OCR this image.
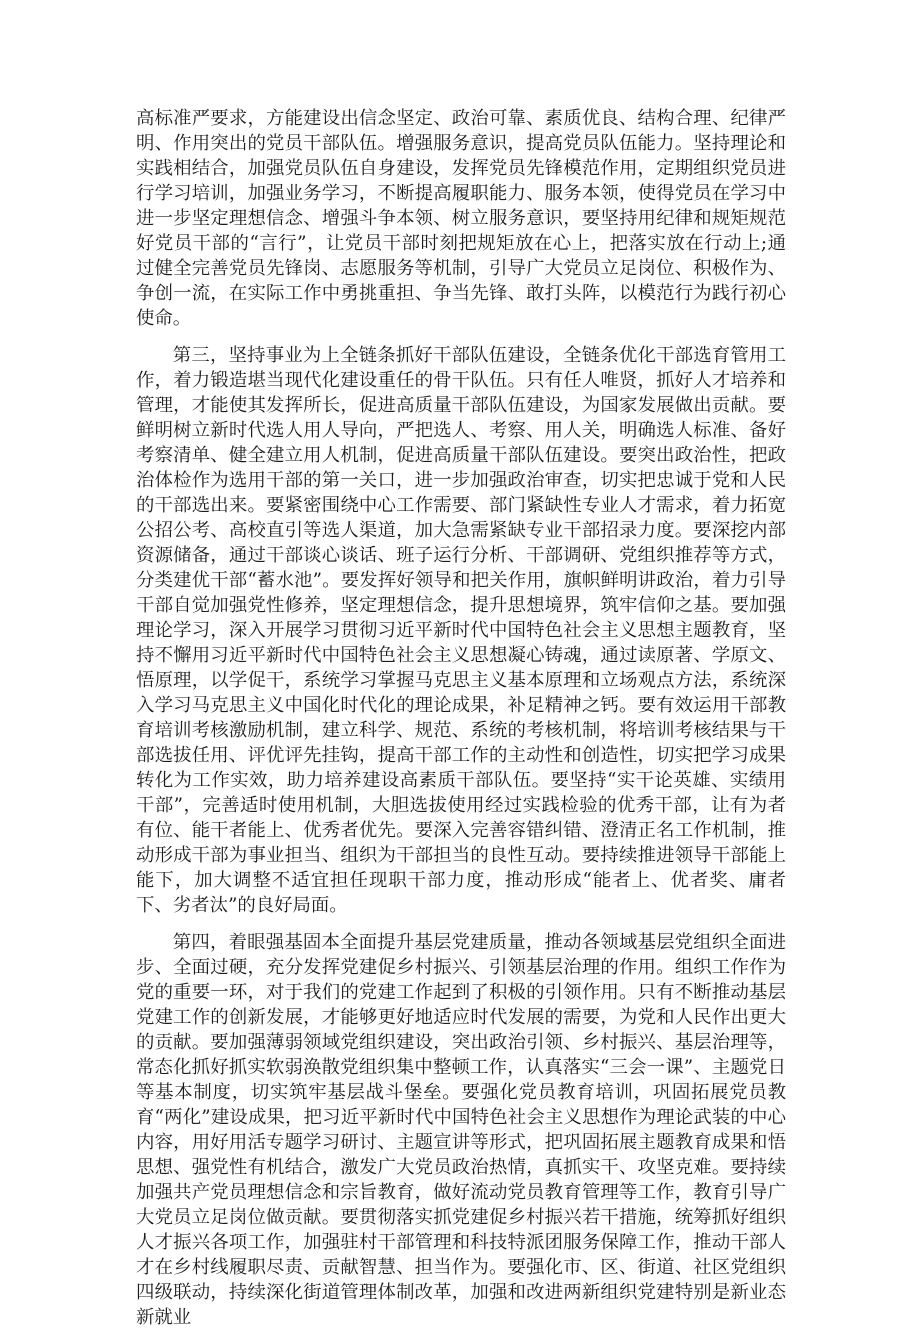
高标准严要求，方能建设出信念坚定、政治可靠、素质优良、结构合理、纪律严明、作用突出的党员干部队伍。增强服务意识，提高党员队伍能力。坚持理论和实践相结合，加强党员队伍自身建设，发挥党员先锋模范作用，定期组织党员进行学习培训，加强业务学习，不断提高履职能力、服务本领，使得党员在学习中进一步坚定理想信念、增强斗争本领、树立服务意识，要坚持用纪律和规矩规范好党员干部的“言行”，让党员干部时刻把规矩放在心上，把落实放在行动上;通过健全完善党员先锋岗、志愿服务等机制，引导广大党员立足岗位、积极作为、争创一流，在实际工作中勇挑重担、争当先锋、敢打头阵，以模范行为践行初心使命。

第三，坚持事业为上全链条抓好干部队伍建设，全链条优化干部选育管用工作，着力锻造堪当现代化建设重任的骨干队伍。只有任人唯贤，抓好人才培养和管理，才能使其发挥所长，促进高质量干部队伍建设，为国家发展做出贡献。要鲜明树立新时代选人用人导向，严把选人、考察、用人关，明确选人标准、备好考察清单、健全建立用人机制，促进高质量干部队伍建设。要突出政治性，把政治体检作为选用干部的第一关口，进一步加强政治审查，切实把忠诚于党和人民的干部选出来。要紧密围绕中心工作需要、部门紧缺性专业人才需求，着力拓宽公招公考、高校直引等选人渠道，加大急需紧缺专业干部招录力度。要深挖内部资源储备，通过干部谈心谈话、班子运行分析、干部调研、党组织推荐等方式，分类建优干部“蓄水池”。要发挥好领导和把关作用，旗帜鲜明讲政治，着力引导干部自觉加强党性修养，坚定理想信念，提升思想境界，筑牢信仰之基。要加强理论学习，深入开展学习贯彻习近平新时代中国特色社会主义思想主题教育，坚持不懈用习近平新时代中国特色社会主义思想凝心铸魂，通过读原著、学原文、悟原理，以学促干，系统学习掌握马克思主义基本原理和立场观点方法，系统深入学习马克思主义中国化时代化的理论成果，补足精神之钙。要有效运用干部教育培训考核激励机制，建立科学、规范、系统的考核机制，将培训考核结果与干部选拔任用、评优评先挂钩，提高干部工作的主动性和创造性，切实把学习成果转化为工作实效，助力培养建设高素质干部队伍。要坚持“实干论英雄、实绩用干部”，完善适时使用机制，大胆选拔使用经过实践检验的优秀干部，让有为者有位、能干者能上、优秀者优先。要深入完善容错纠错、澄清正名工作机制，推动形成干部为事业担当、组织为干部担当的良性互动。要持续推进领导干部能上能下，加大调整不适宜担任现职干部力度，推动形成“能者上、优者奖、庸者下、劣者汰”的良好局面。

第四，着眼强基固本全面提升基层党建质量，推动各领域基层党组织全面进步、全面过硬，充分发挥党建促乡村振兴、引领基层治理的作用。组织工作作为党的重要一环，对于我们的党建工作起到了积极的引领作用。只有不断推动基层党建工作的创新发展，才能够更好地适应时代发展的需要，为党和人民作出更大的贡献。要加强薄弱领域党组织建设，突出政治引领、乡村振兴、基层治理等，常态化抓好抓实软弱涣散党组织集中整顿工作，认真落实“三会一课”、主题党日等基本制度，切实筑牢基层战斗堡垒。要强化党员教育培训，巩固拓展党员教育“两化”建设成果，把习近平新时代中国特色社会主义思想作为理论武装的中心内容，用好用活专题学习研讨、主题宣讲等形式，把巩固拓展主题教育成果和悟思想、强党性有机结合，激发广大党员政治热情，真抓实干、攻坚克难。要持续加强共产党员理想信念和宗旨教育，做好流动党员教育管理等工作，教育引导广大党员立足岗位做贡献。要贯彻落实抓党建促乡村振兴若干措施，统筹抓好组织人才振兴各项工作，加强驻村干部管理和科技特派团服务保障工作，推动干部人才在乡村线履职尽责、贡献智慧、担当作为。要强化市、区、街道、社区党组织四级联动，持续深化街道管理体制改革，加强和改进两新组织党建特别是新业态新就业
